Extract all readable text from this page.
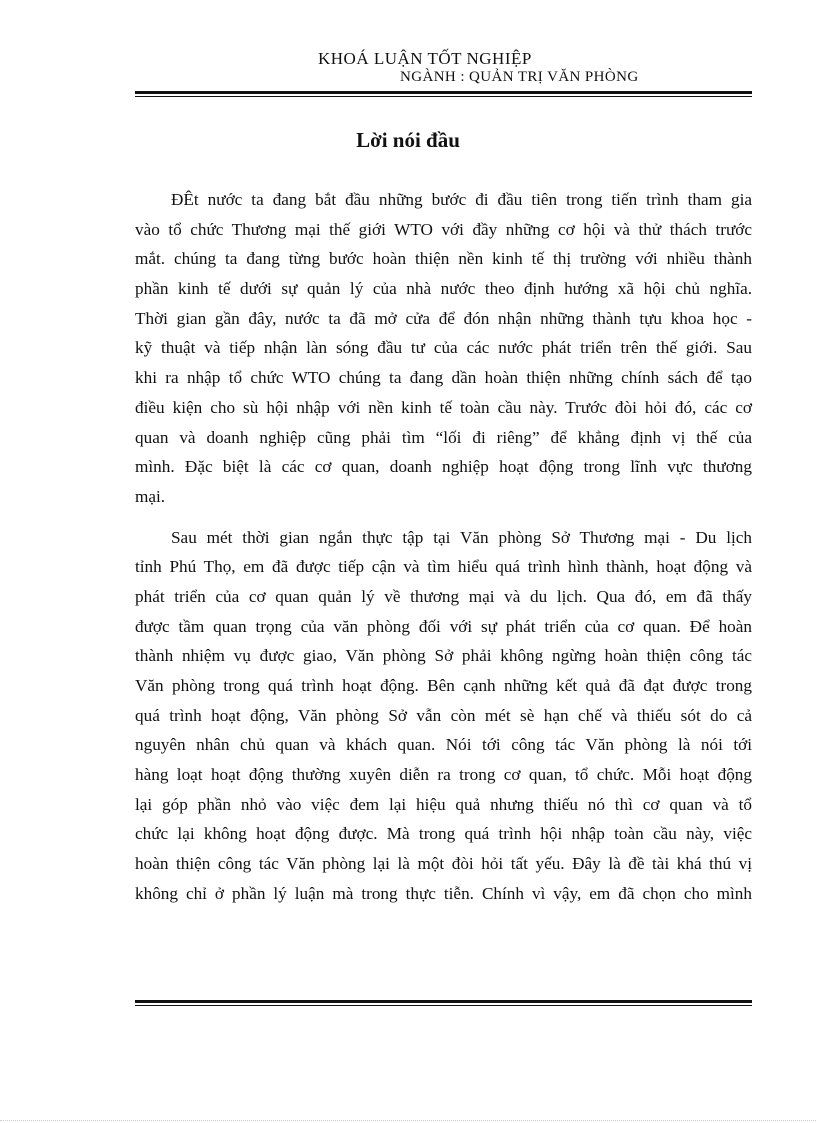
KHOÁ LUẬN TỐT NGHIỆP
NGÀNH : QUẢN TRỊ VĂN PHÒNG
Lời nói đầu
ĐÊt nước ta đang bắt đầu những bước đi đầu tiên trong tiến trình tham gia
vào tổ chức Thương mại thế giới WTO với đầy những cơ hội và thử thách trước
mắt. chúng ta đang từng bước hoàn thiện nền kinh tế thị trường với nhiều thành
phần kinh tế dưới sự quản lý của nhà nước theo định hướng xã hội chủ nghĩa.
Thời gian gần đây, nước ta đã mở cửa để đón nhận những thành tựu khoa học -
kỹ thuật và tiếp nhận làn sóng đầu tư của các nước phát triển trên thế giới. Sau
khi ra nhập tổ chức WTO chúng ta đang dần hoàn thiện những chính sách để tạo
điều kiện cho sù hội nhập với nền kinh tế toàn cầu này. Trước đòi hỏi đó, các cơ
quan và doanh nghiệp cũng phải tìm “lối đi riêng” để khẳng định vị thế của
mình. Đặc biệt là các cơ quan, doanh nghiệp hoạt động trong lĩnh vực thương
mại.
Sau mét thời gian ngắn thực tập tại Văn phòng Sở Thương mại - Du lịch
tỉnh Phú Thọ, em đã được tiếp cận và tìm hiểu quá trình hình thành, hoạt động và
phát triển của cơ quan quản lý về thương mại và du lịch. Qua đó, em đã thấy
được tầm quan trọng của văn phòng đối với sự phát triển của cơ quan. Để hoàn
thành nhiệm vụ được giao, Văn phòng Sở phải không ngừng hoàn thiện công tác
Văn phòng trong quá trình hoạt động. Bên cạnh những kết quả đã đạt được trong
quá trình hoạt động, Văn phòng Sở vẫn còn mét sè hạn chế và thiếu sót do cả
nguyên nhân chủ quan và khách quan. Nói tới công tác Văn phòng là nói tới
hàng loạt hoạt động thường xuyên diễn ra trong cơ quan, tổ chức. Mỗi hoạt động
lại góp phần nhỏ vào việc đem lại hiệu quả nhưng thiếu nó thì cơ quan và tổ
chức lại không hoạt động được. Mà trong quá trình hội nhập toàn cầu này, việc
hoàn thiện công tác Văn phòng lại là một đòi hỏi tất yếu. Đây là đề tài khá thú vị
không chỉ ở phần lý luận mà trong thực tiễn. Chính vì vậy, em đã chọn cho mình
